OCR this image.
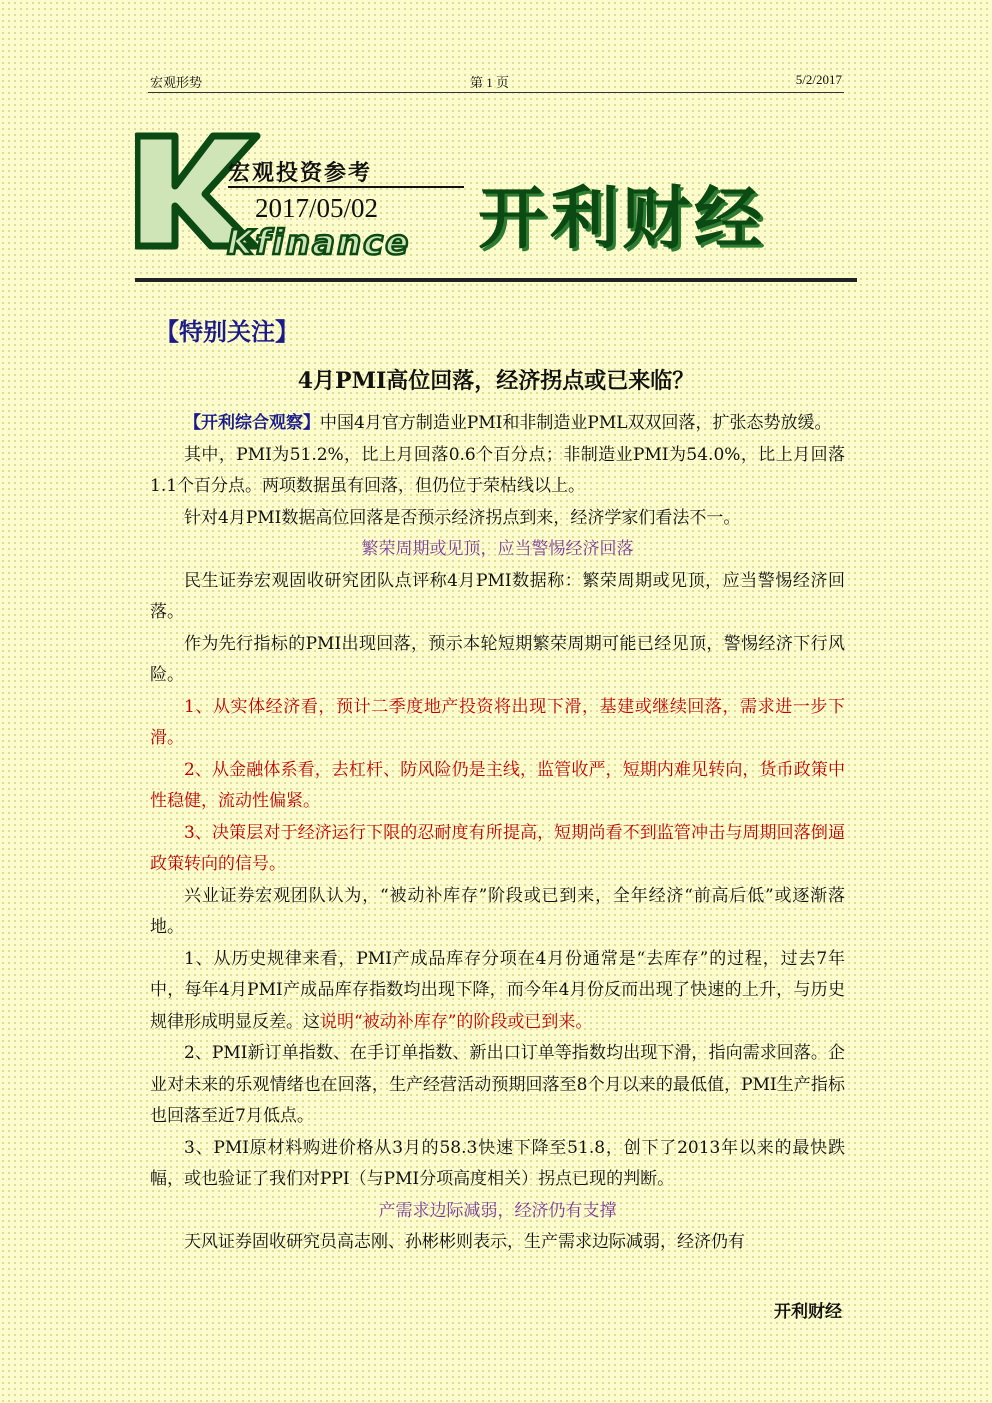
宏观形势	第 1 页	5/2/2017
Kfinance
宏观投资参考
2017/05/02 开利财经
【特别关注】
4月PMI高位回落，经济拐点或已来临？

【开利综合观察】中国4月官方制造业PMI和非制造业PML双双回落，扩张态势放缓。

其中，PMI为51.2%，比上月回落0.6个百分点；非制造业PMI为54.0%，比上月回落1.1个百分点。两项数据虽有回落，但仍位于荣枯线以上。

针对4月PMI数据高位回落是否预示经济拐点到来，经济学家们看法不一。

繁荣周期或见顶，应当警惕经济回落

民生证券宏观固收研究团队点评称4月PMI数据称：繁荣周期或见顶，应当警惕经济回落。

作为先行指标的PMI出现回落，预示本轮短期繁荣周期可能已经见顶，警惕经济下行风险。

1、从实体经济看，预计二季度地产投资将出现下滑，基建或继续回落，需求进一步下滑。

2、从金融体系看，去杠杆、防风险仍是主线，监管收严，短期内难见转向，货币政策中性稳健，流动性偏紧。

3、决策层对于经济运行下限的忍耐度有所提高，短期尚看不到监管冲击与周期回落倒逼政策转向的信号。

兴业证券宏观团队认为，“被动补库存”阶段或已到来，全年经济“前高后低”或逐渐落地。

1、从历史规律来看，PMI产成品库存分项在4月份通常是“去库存”的过程，过去7年中，每年4月PMI产成品库存指数均出现下降，而今年4月份反而出现了快速的上升，与历史规律形成明显反差。这说明“被动补库存”的阶段或已到来。

2、PMI新订单指数、在手订单指数、新出口订单等指数均出现下滑，指向需求回落。企业对未来的乐观情绪也在回落，生产经营活动预期回落至8个月以来的最低值，PMI生产指标也回落至近7月低点。

3、PMI原材料购进价格从3月的58.3快速下降至51.8，创下了2013年以来的最快跌幅，或也验证了我们对PPI（与PMI分项高度相关）拐点已现的判断。

产需求边际减弱，经济仍有支撑

天风证券固收研究员高志刚、孙彬彬则表示，生产需求边际减弱，经济仍有

开利财经
